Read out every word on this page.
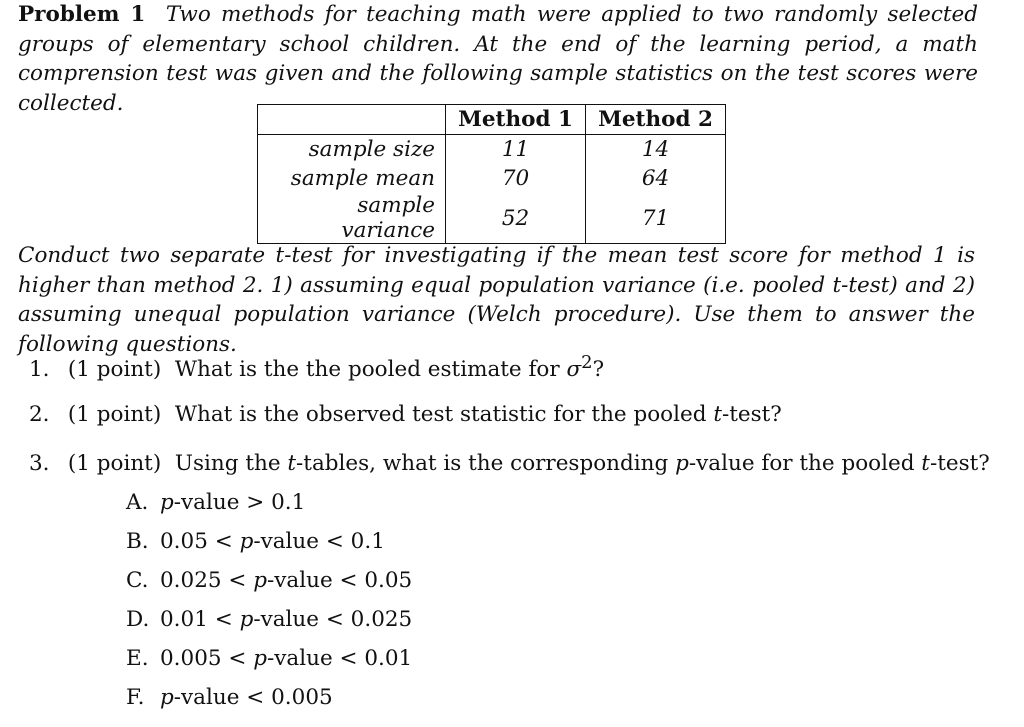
Problem 1 Two methods for teaching math were applied to two randomly selected groups of elementary school children. At the end of the learning period, a math comprension test was given and the following sample statistics on the test scores were collected.
	Method 1	Method 2
sample size	11	14
sample mean	70	64
sample variance	52	71
Conduct two separate t-test for investigating if the mean test score for method 1 is higher than method 2. 1) assuming equal population variance (i.e. pooled t-test) and 2) assuming unequal population variance (Welch procedure). Use them to answer the following questions.
1. (1 point) What is the the pooled estimate for $\sigma^2$?
2. (1 point) What is the observed test statistic for the pooled t-test?
3. (1 point) Using the t-tables, what is the corresponding p-value for the pooled t-test?
A. p-value > 0.1
B. 0.05 < p-value < 0.1
C. 0.025 < p-value < 0.05
D. 0.01 < p-value < 0.025
E. 0.005 < p-value < 0.01
F. p-value < 0.005
